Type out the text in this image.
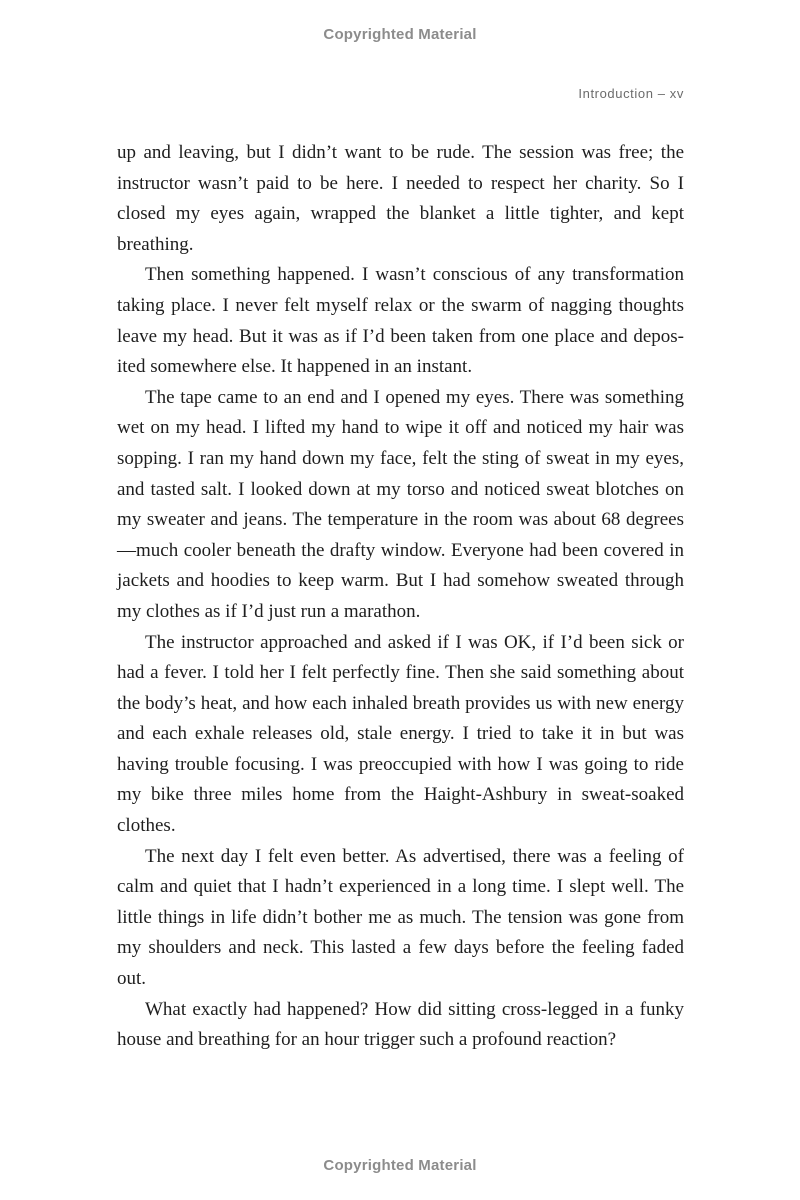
Copyrighted Material
Introduction – xv

up and leaving, but I didn’t want to be rude. The session was free; the instructor wasn’t paid to be here. I needed to respect her charity. So I closed my eyes again, wrapped the blanket a little tighter, and kept breathing.

Then something happened. I wasn’t conscious of any transformation taking place. I never felt myself relax or the swarm of nagging thoughts leave my head. But it was as if I’d been taken from one place and deposited somewhere else. It happened in an instant.

The tape came to an end and I opened my eyes. There was something wet on my head. I lifted my hand to wipe it off and noticed my hair was sopping. I ran my hand down my face, felt the sting of sweat in my eyes, and tasted salt. I looked down at my torso and noticed sweat blotches on my sweater and jeans. The temperature in the room was about 68 degrees—much cooler beneath the drafty window. Everyone had been covered in jackets and hoodies to keep warm. But I had somehow sweated through my clothes as if I’d just run a marathon.

The instructor approached and asked if I was OK, if I’d been sick or had a fever. I told her I felt perfectly fine. Then she said something about the body’s heat, and how each inhaled breath provides us with new energy and each exhale releases old, stale energy. I tried to take it in but was having trouble focusing. I was preoccupied with how I was going to ride my bike three miles home from the Haight-Ashbury in sweat-soaked clothes.

The next day I felt even better. As advertised, there was a feeling of calm and quiet that I hadn’t experienced in a long time. I slept well. The little things in life didn’t bother me as much. The tension was gone from my shoulders and neck. This lasted a few days before the feeling faded out.

What exactly had happened? How did sitting cross-legged in a funky house and breathing for an hour trigger such a profound reaction?

Copyrighted Material
